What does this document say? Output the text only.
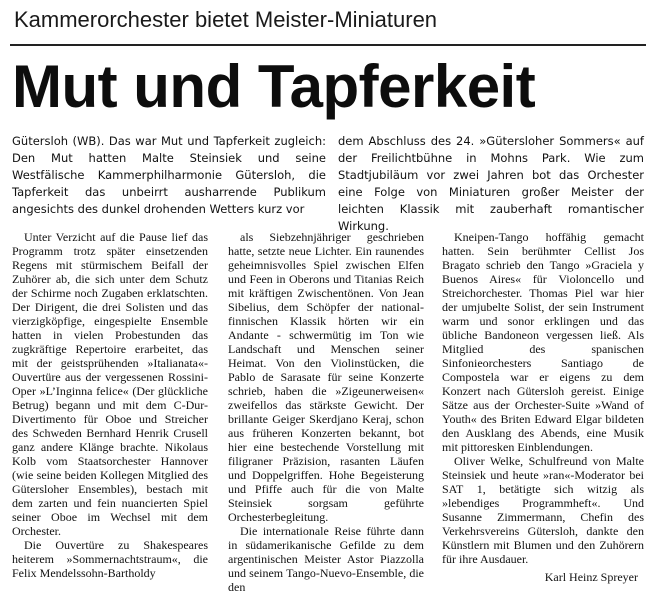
Kammerorchester bietet Meister-Miniaturen
Mut und Tapferkeit
Gütersloh (WB). Das war Mut und Tapferkeit zugleich: Den Mut hatten Malte Steinsiek und seine Westfälische Kammerphilharmonie Gütersloh, die Tapferkeit das unbeirrt ausharrende Publikum angesichts des dunkel drohenden Wetters kurz vor
dem Abschluss des 24. »Gütersloher Sommers« auf der Freilichtbühne in Mohns Park. Wie zum Stadtjubiläum vor zwei Jahren bot das Orchester eine Folge von Miniaturen großer Meister der leichten Klassik mit zauberhaft romantischer Wirkung.

Unter Verzicht auf die Pause lief das Programm trotz später einsetzenden Regens mit stürmischem Beifall der Zuhörer ab, die sich unter dem Schutz der Schirme noch Zugaben erklatschten. Der Dirigent, die drei Solisten und das vierzigköpfige, eingespielte Ensemble hatten in vielen Probestunden das zugkräftige Repertoire erarbeitet, das mit der geistsprühenden »Italianata«-Ouvertüre aus der vergessenen Rossini-Oper »L’Inginna felice« (Der glückliche Betrug) begann und mit dem C-Dur-Divertimento für Oboe und Streicher des Schweden Bernhard Henrik Crusell ganz andere Klänge brachte. Nikolaus Kolb vom Staatsorchester Hannover (wie seine beiden Kollegen Mitglied des Gütersloher Ensembles), bestach mit dem zarten und fein nuancierten Spiel seiner Oboe im Wechsel mit dem Orchester.

Die Ouvertüre zu Shakespeares heiterem »Sommernachtstraum«, die Felix Mendelssohn-Bartholdy

als Siebzehnjähriger geschrieben hatte, setzte neue Lichter. Ein raunendes geheimnisvolles Spiel zwischen Elfen und Feen in Oberons und Titanias Reich mit kräftigen Zwischentönen. Von Jean Sibelius, dem Schöpfer der national-finnischen Klassik hörten wir ein Andante - schwermütig im Ton wie Landschaft und Menschen seiner Heimat. Von den Violinstücken, die Pablo de Sarasate für seine Konzerte schrieb, haben die »Zigeunerweisen« zweifellos das stärkste Gewicht. Der brillante Geiger Skerdjano Keraj, schon aus früheren Konzerten bekannt, bot hier eine bestechende Vorstellung mit filigraner Präzision, rasanten Läufen und Doppelgriffen. Hohe Begeisterung und Pfiffe auch für die von Malte Steinsiek sorgsam geführte Orchesterbegleitung.

Die internationale Reise führte dann in südamerikanische Gefilde zu dem argentinischen Meister Astor Piazzolla und seinem Tango-Nuevo-Ensemble, die den

Kneipen-Tango hoffähig gemacht hatten. Sein berühmter Cellist Jos Bragato schrieb den Tango »Graciela y Buenos Aires« für Violoncello und Streichorchester. Thomas Piel war hier der umjubelte Solist, der sein Instrument warm und sonor erklingen und das übliche Bandoneon vergessen ließ. Als Mitglied des spanischen Sinfonieorchesters Santiago de Compostela war er eigens zu dem Konzert nach Gütersloh gereist. Einige Sätze aus der Orchester-Suite »Wand of Youth« des Briten Edward Elgar bildeten den Ausklang des Abends, eine Musik mit pittoresken Einblendungen.

Oliver Welke, Schulfreund von Malte Steinsiek und heute »ran«-Moderator bei SAT 1, betätigte sich witzig als »lebendiges Programmheft«. Und Susanne Zimmermann, Chefin des Verkehrsvereins Gütersloh, dankte den Künstlern mit Blumen und den Zuhörern für ihre Ausdauer.

Karl Heinz Spreyer
